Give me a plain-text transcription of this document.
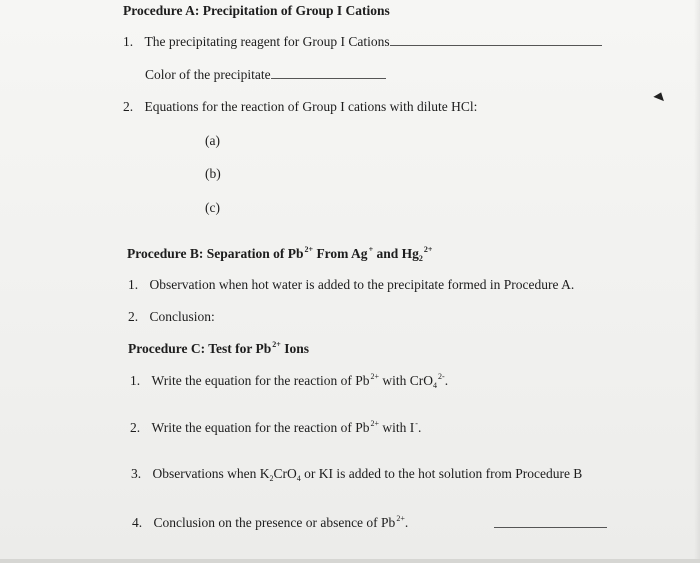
Procedure A: Precipitation of Group I Cations
1. The precipitating reagent for Group I Cations
Color of the precipitate
2. Equations for the reaction of Group I cations with dilute HCl:
(a)
(b)
(c)
Procedure B: Separation of $Pb^{2+}$ From Ag+ and $Hg_2^{2+}$
1. Observation when hot water is added to the precipitate formed in Procedure A.
2. Conclusion:
Procedure C: Test for $Pb^{2+}$ Ions
1. Write the equation for the reaction of $Pb^{2+}$ with CrO$_4^{2-}$.
2. Write the equation for the reaction of $Pb^{2+}$ with I-.
3. Observations when $K_2CrO_4$ or KI is added to the hot solution from Procedure B
4. Conclusion on the presence or absence of $Pb^{2+}$.
